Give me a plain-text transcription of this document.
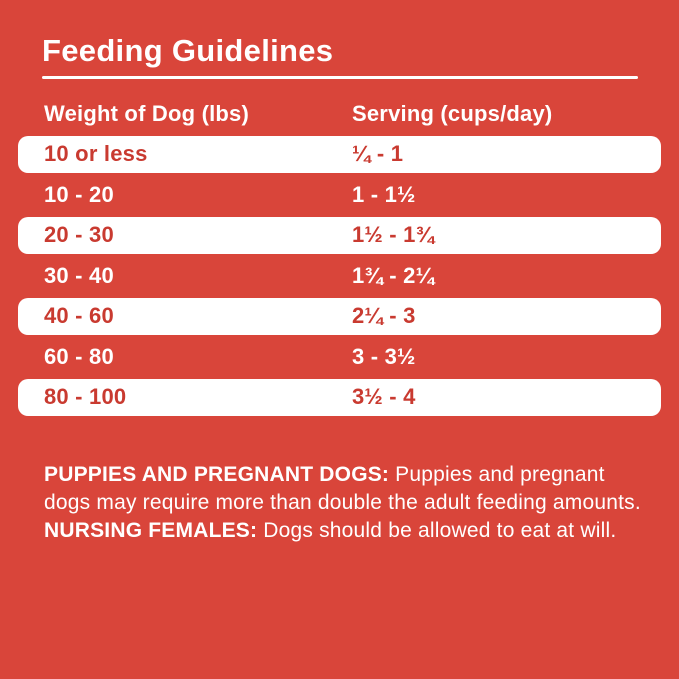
Feeding Guidelines
Weight of Dog (lbs)	Serving (cups/day)
10 or less	¼ - 1
10 - 20	1 - 1½
20 - 30	1½ - 1¾
30 - 40	1¾ - 2¼
40 - 60	2¼ - 3
60 - 80	3 - 3½
80 - 100	3½ - 4

PUPPIES AND PREGNANT DOGS: Puppies and pregnant dogs may require more than double the adult feeding amounts. NURSING FEMALES: Dogs should be allowed to eat at will.
